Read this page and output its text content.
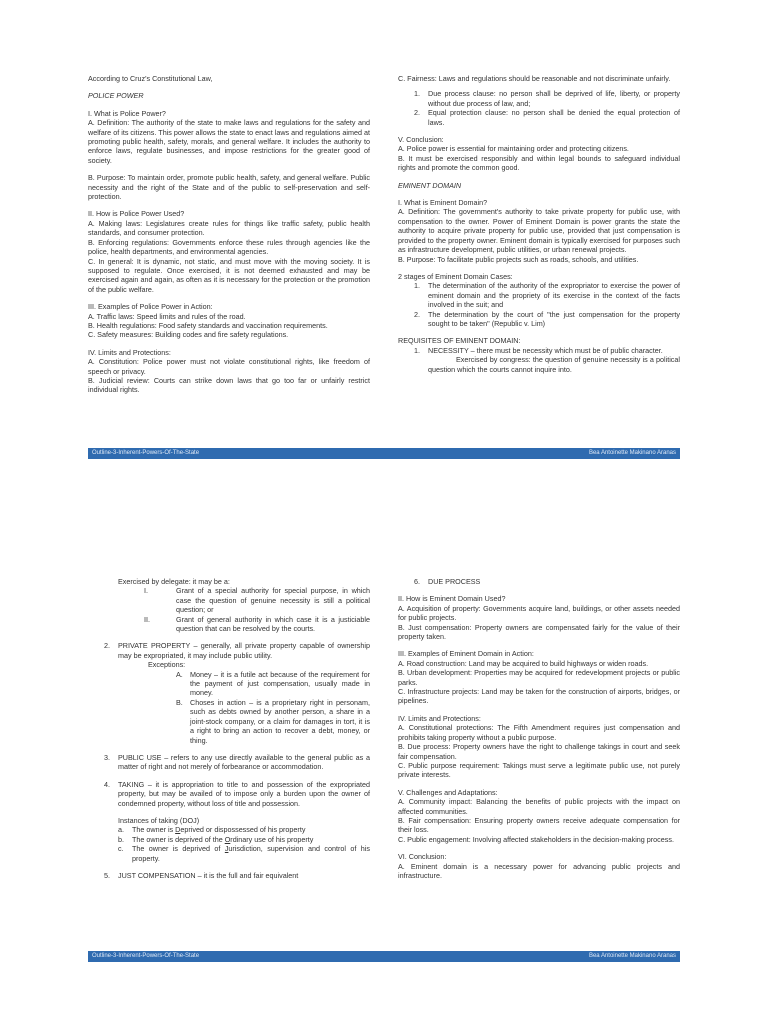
According to Cruz's Constitutional Law,

POLICE POWER

I. What is Police Power?

A. Definition: The authority of the state to make laws and regulations for the safety and welfare of its citizens. This power allows the state to enact laws and regulations aimed at promoting public health, safety, morals, and general welfare. It includes the authority to enforce laws, regulate businesses, and impose restrictions for the greater good of society.

B. Purpose: To maintain order, promote public health, safety, and general welfare. Public necessity and the right of the State and of the public to self-preservation and self-protection.

II. How is Police Power Used?

A. Making laws: Legislatures create rules for things like traffic safety, public health standards, and consumer protection.

B. Enforcing regulations: Governments enforce these rules through agencies like the police, health departments, and environmental agencies.

C. In general: It is dynamic, not static, and must move with the moving society. It is supposed to regulate. Once exercised, it is not deemed exhausted and may be exercised again and again, as often as it is necessary for the protection or the promotion of the public welfare.

III. Examples of Police Power in Action:

A. Traffic laws: Speed limits and rules of the road.

B. Health regulations: Food safety standards and vaccination requirements.

C. Safety measures: Building codes and fire safety regulations.

IV. Limits and Protections:

A. Constitution: Police power must not violate constitutional rights, like freedom of speech or privacy.

B. Judicial review: Courts can strike down laws that go too far or unfairly restrict individual rights.

C. Fairness: Laws and regulations should be reasonable and not discriminate unfairly.

1.	Due process clause: no person shall be deprived of life, liberty, or property without due process of law, and;
2.	Equal protection clause: no person shall be denied the equal protection of laws.

V. Conclusion:

A. Police power is essential for maintaining order and protecting citizens.

B. It must be exercised responsibly and within legal bounds to safeguard individual rights and promote the common good.

EMINENT DOMAIN

I. What is Eminent Domain?

A. Definition: The government's authority to take private property for public use, with compensation to the owner. Power of Eminent Domain is power grants the state the authority to acquire private property for public use, provided that just compensation is provided to the property owner. Eminent domain is typically exercised for purposes such as infrastructure development, public utilities, or urban renewal projects.

B. Purpose: To facilitate public projects such as roads, schools, and utilities.

2 stages of Eminent Domain Cases:

1.	The determination of the authority of the expropriator to exercise the power of eminent domain and the propriety of its exercise in the context of the facts involved in the suit; and
2.	The determination by the court of "the just compensation for the property sought to be taken" (Republic v. Lim)

REQUISITES OF EMINENT DOMAIN:

1.	NECESSITY – there must be necessity which must be of public character.

Exercised by congress: the question of genuine necessity is a political question which the courts cannot inquire into.

Outline-3-Inherent-Powers-Of-The-State	Bea Antoinette Makinano Aranas

Exercised by delegate: it may be a:

I.	Grant of a special authority for special purpose, in which case the question of genuine necessity is still a political question; or
II.	Grant of general authority in which case it is a justiciable question that can be resolved by the courts.
2.	PRIVATE PROPERTY – generally, all private property capable of ownership may be expropriated, it may include public utility.

Exceptions:

A.	Money – it is a futile act because of the requirement for the payment of just compensation, usually made in money.
B.	Choses in action – is a proprietary right in personam, such as debts owned by another person, a share in a joint-stock company, or a claim for damages in tort, it is a right to bring an action to recover a debt, money, or thing.
3.	PUBLIC USE – refers to any use directly available to the general public as a matter of right and not merely of forbearance or accommodation.
4.	TAKING – it is appropriation to title to and possession of the expropriated property, but may be availed of to impose only a burden upon the owner of condemned property, without loss of title and possession.

Instances of taking (DOJ)

a.	The owner is Deprived or dispossessed of his property
b.	The owner is deprived of the Ordinary use of his property
c.	The owner is deprived of Jurisdiction, supervision and control of his property.
5.	JUST COMPENSATION – it is the full and fair equivalent
6.	DUE PROCESS

II. How is Eminent Domain Used?

A. Acquisition of property: Governments acquire land, buildings, or other assets needed for public projects.

B. Just compensation: Property owners are compensated fairly for the value of their property taken.

III. Examples of Eminent Domain in Action:

A. Road construction: Land may be acquired to build highways or widen roads.

B. Urban development: Properties may be acquired for redevelopment projects or public parks.

C. Infrastructure projects: Land may be taken for the construction of airports, bridges, or pipelines.

IV. Limits and Protections:

A. Constitutional protections: The Fifth Amendment requires just compensation and prohibits taking property without a public purpose.

B. Due process: Property owners have the right to challenge takings in court and seek fair compensation.

C. Public purpose requirement: Takings must serve a legitimate public use, not purely private interests.

V. Challenges and Adaptations:

A. Community impact: Balancing the benefits of public projects with the impact on affected communities.

B. Fair compensation: Ensuring property owners receive adequate compensation for their loss.

C. Public engagement: Involving affected stakeholders in the decision-making process.

VI. Conclusion:

A. Eminent domain is a necessary power for advancing public projects and infrastructure.

Outline-3-Inherent-Powers-Of-The-State	Bea Antoinette Makinano Aranas
